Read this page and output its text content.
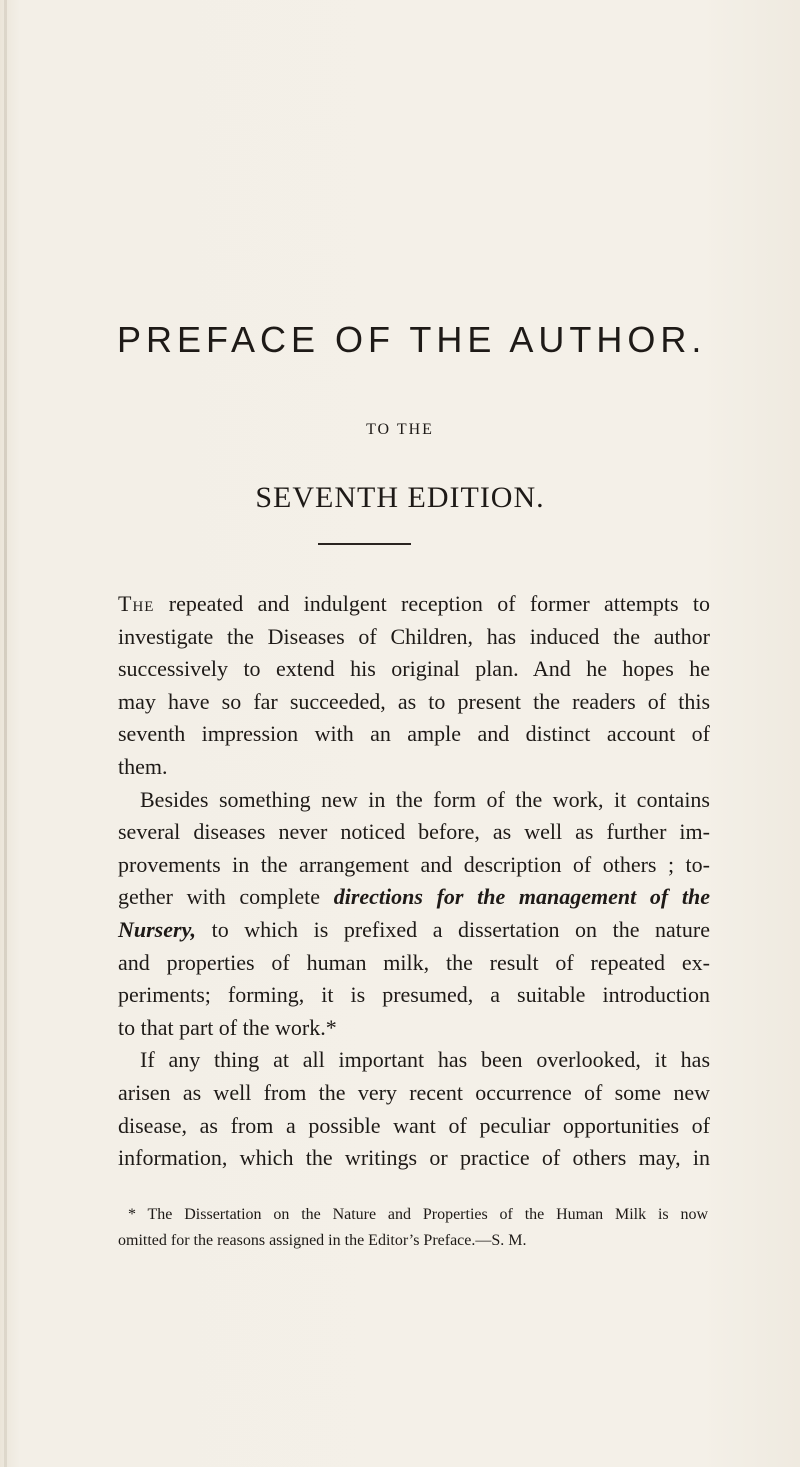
PREFACE OF THE AUTHOR.
TO THE
SEVENTH EDITION.
The repeated and indulgent reception of former attempts to
investigate the Diseases of Children, has induced the author
successively to extend his original plan. And he hopes he
may have so far succeeded, as to present the readers of this
seventh impression with an ample and distinct account of
them.
Besides something new in the form of the work, it contains
several diseases never noticed before, as well as further im-
provements in the arrangement and description of others ; to-
gether with complete directions for the management of the
Nursery, to which is prefixed a dissertation on the nature
and properties of human milk, the result of repeated ex-
periments; forming, it is presumed, a suitable introduction
to that part of the work.*
If any thing at all important has been overlooked, it has
arisen as well from the very recent occurrence of some new
disease, as from a possible want of peculiar opportunities of
information, which the writings or practice of others may, in
* The Dissertation on the Nature and Properties of the Human Milk is now
omitted for the reasons assigned in the Editor’s Preface.—S. M.
